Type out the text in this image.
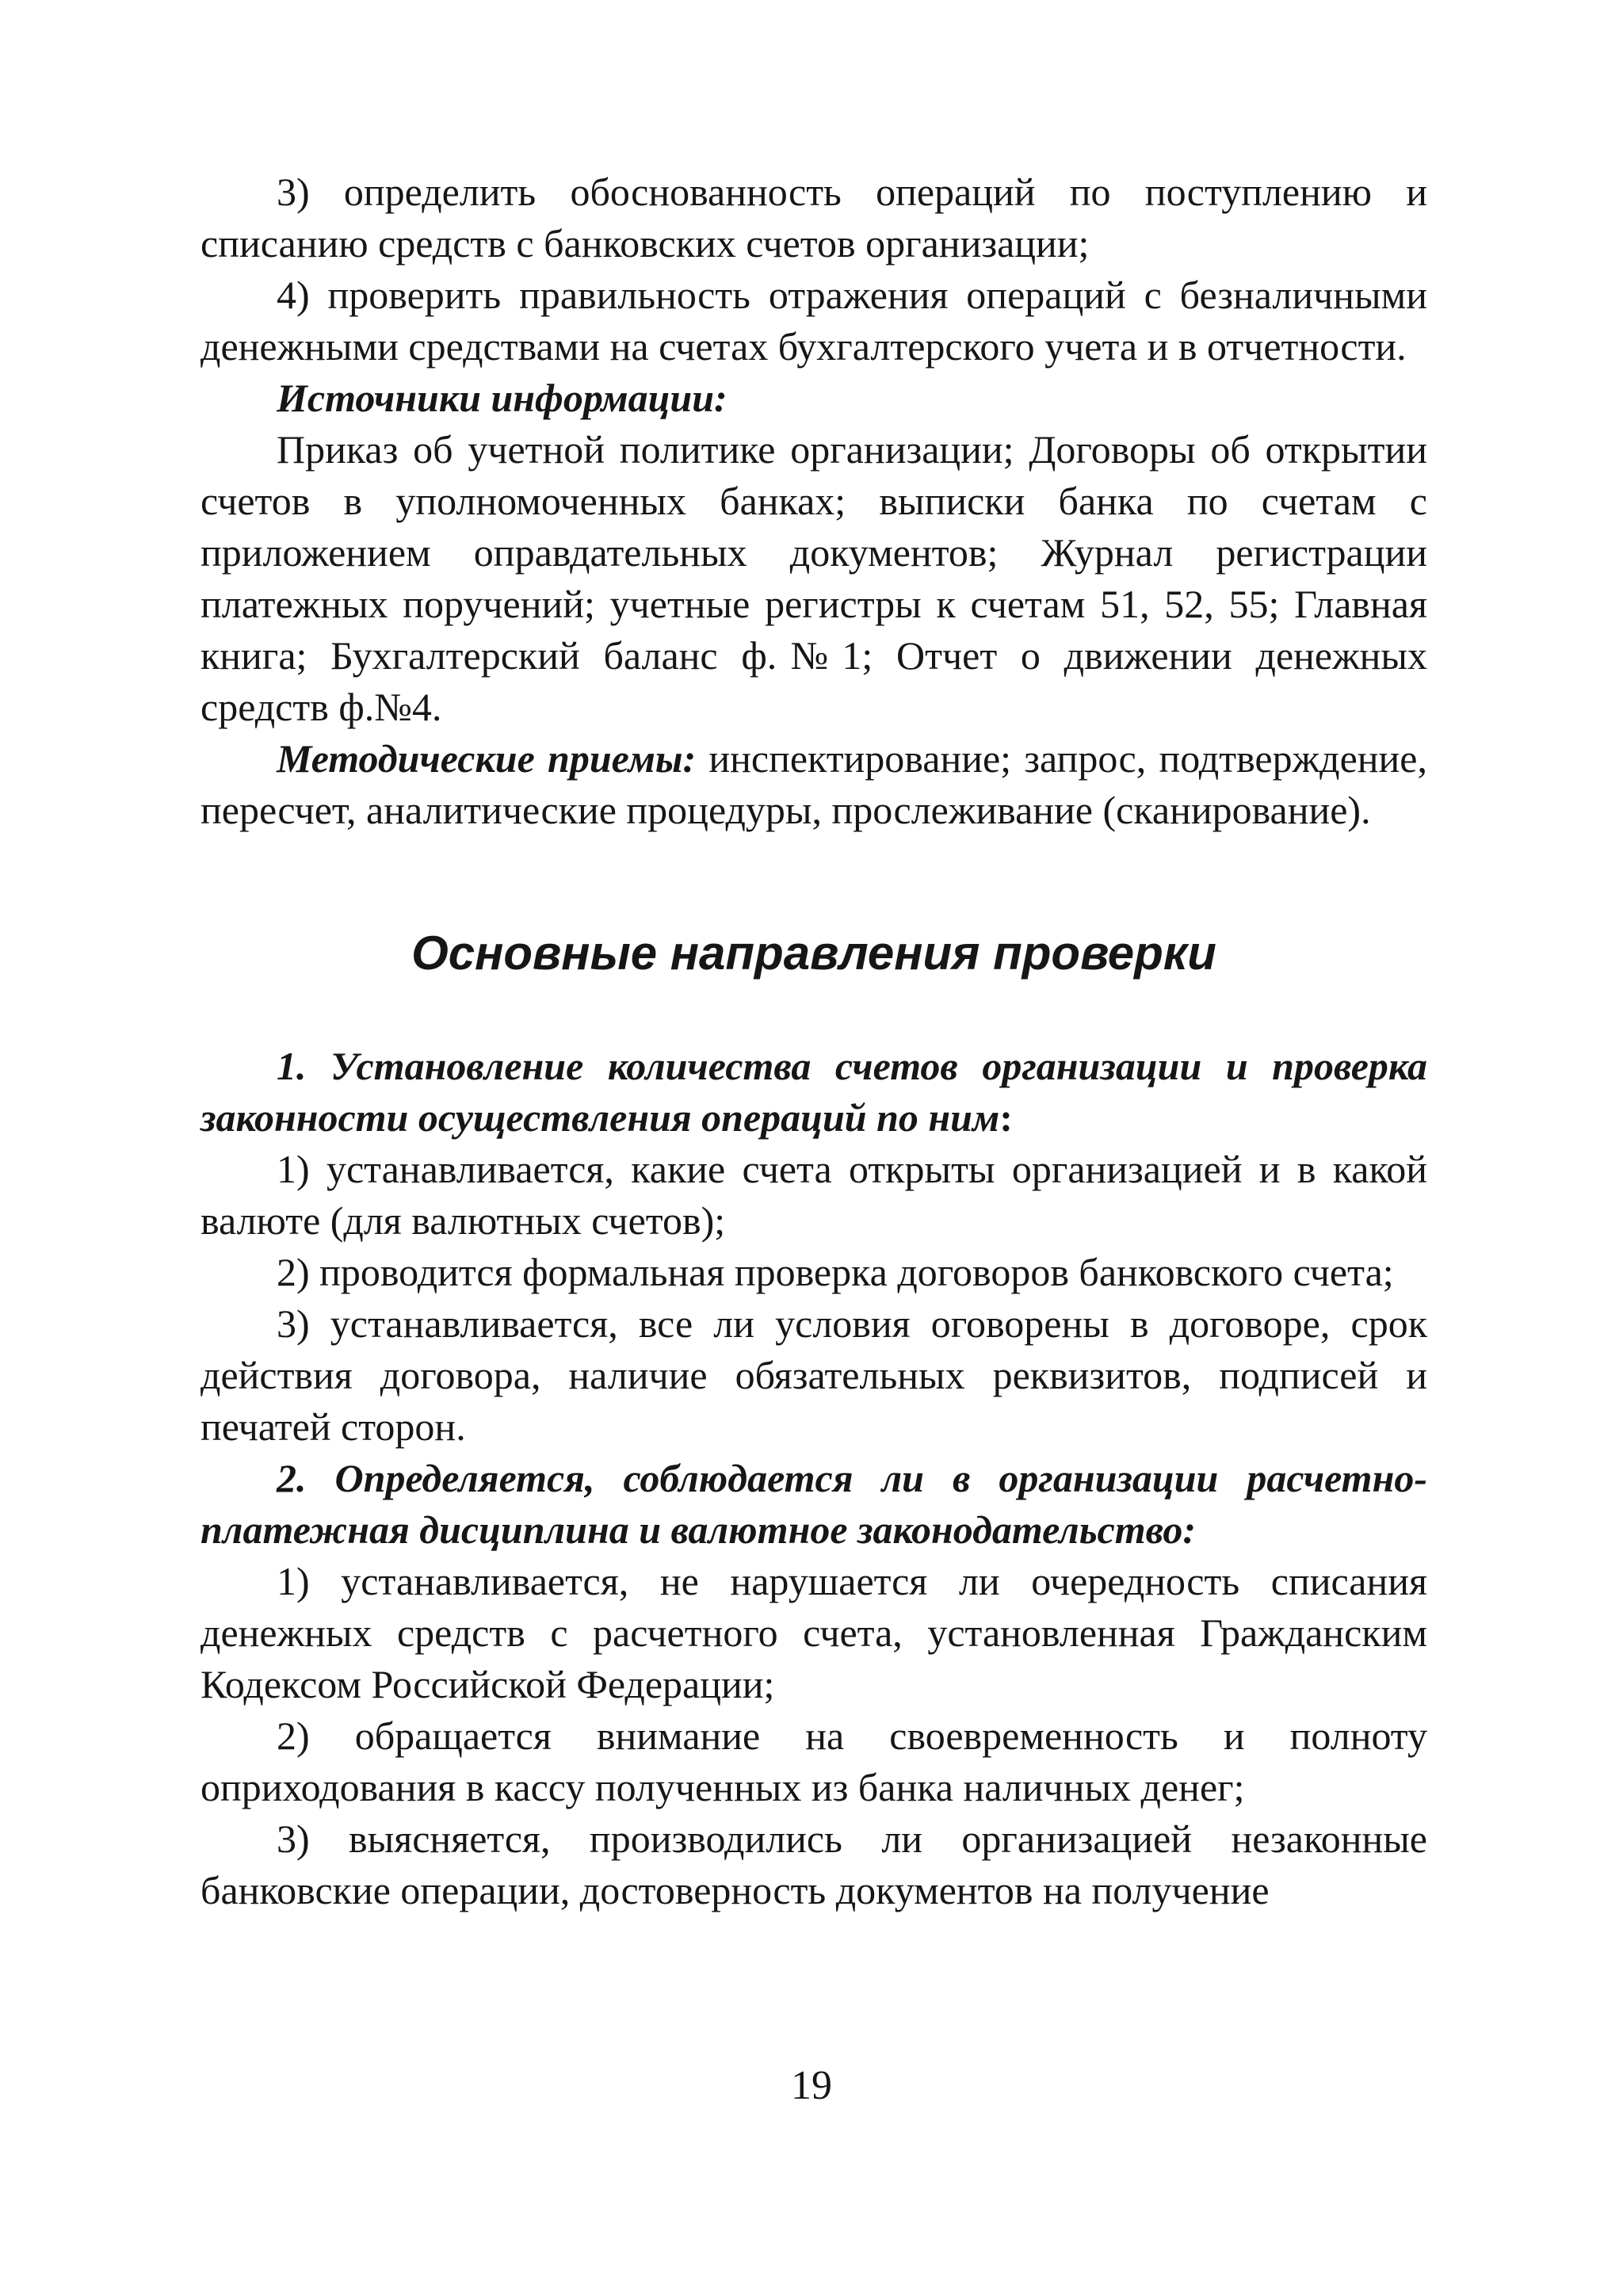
3) определить обоснованность операций по поступлению и списанию средств с банковских счетов организации;

4) проверить правильность отражения операций с безналичными денежными средствами на счетах бухгалтерского учета и в отчетности.

Источники информации:

Приказ об учетной политике организации; Договоры об открытии счетов в уполномоченных банках; выписки банка по счетам с приложением оправдательных документов; Журнал регистрации платежных поручений; учетные регистры к счетам 51, 52, 55; Главная книга; Бухгалтерский баланс ф.№1; Отчет о движении денежных средств ф.№4.

Методические приемы: инспектирование; запрос, подтверждение, пересчет, аналитические процедуры, прослеживание (сканирование).

Основные направления проверки

1. Установление количества счетов организации и проверка законности осуществления операций по ним:

1) устанавливается, какие счета открыты организацией и в какой валюте (для валютных счетов);

2) проводится формальная проверка договоров банковского счета;

3) устанавливается, все ли условия оговорены в договоре, срок действия договора, наличие обязательных реквизитов, подписей и печатей сторон.

2. Определяется, соблюдается ли в организации расчетно-платежная дисциплина и валютное законодательство:

1) устанавливается, не нарушается ли очередность списания денежных средств с расчетного счета, установленная Гражданским Кодексом Российской Федерации;

2) обращается внимание на своевременность и полноту оприходования в кассу полученных из банка наличных денег;

3) выясняется, производились ли организацией незаконные банковские операции, достоверность документов на получение

19
